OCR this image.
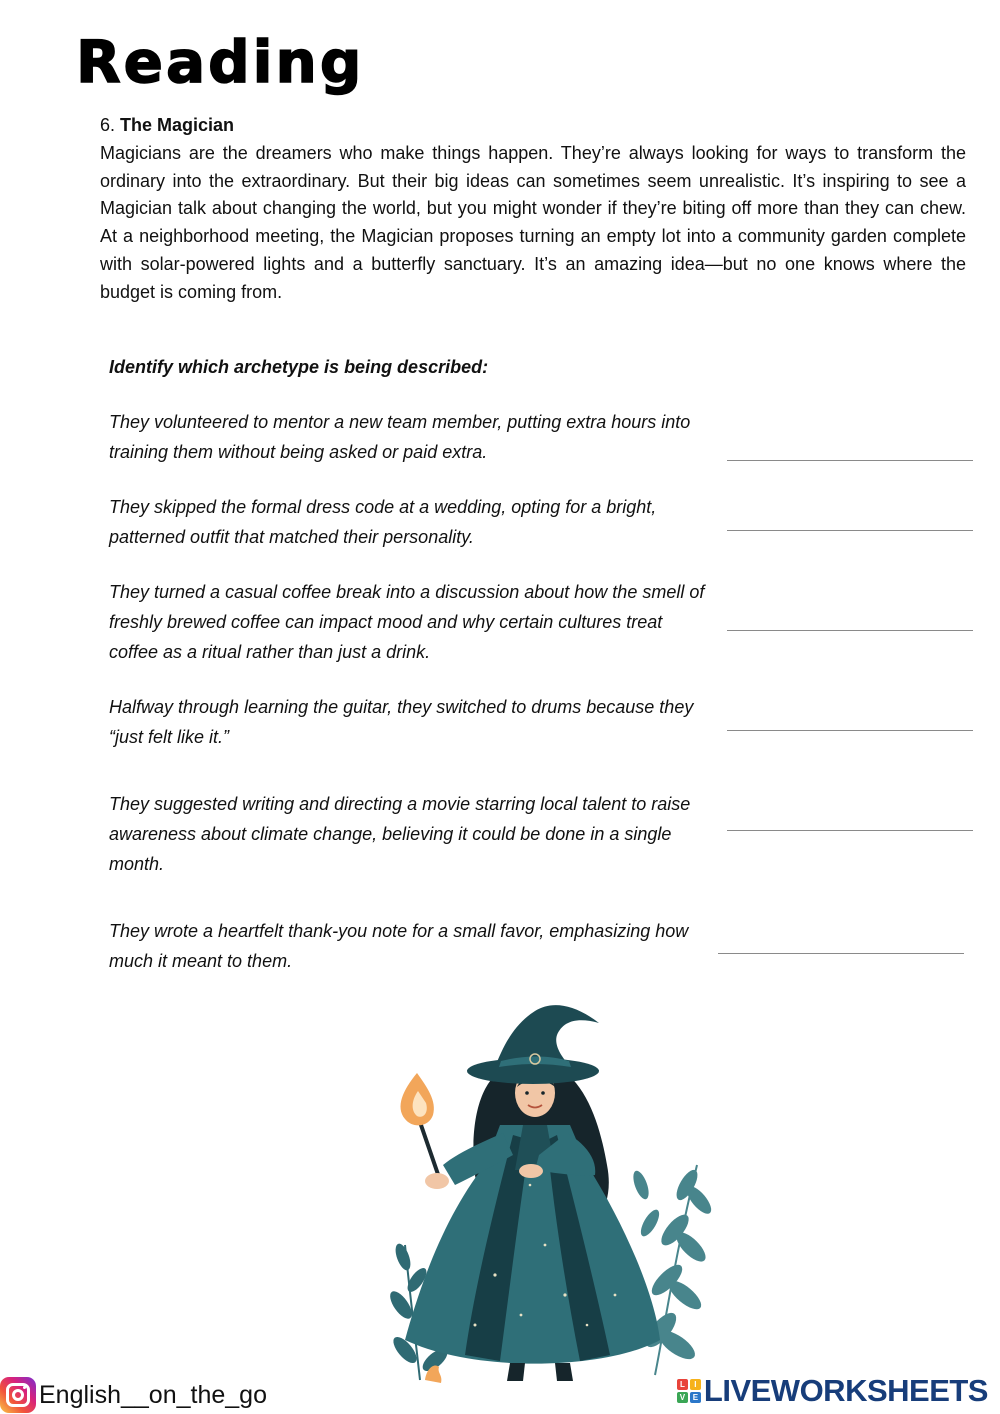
Reading

6. The Magician

Magicians are the dreamers who make things happen. They’re always looking for ways to transform the ordinary into the extraordinary. But their big ideas can sometimes seem unrealistic. It’s inspiring to see a Magician talk about changing the world, but you might wonder if they’re biting off more than they can chew. At a neighborhood meeting, the Magician proposes turning an empty lot into a community garden complete with solar-powered lights and a butterfly sanctuary. It’s an amazing idea—but no one knows where the budget is coming from.

Identify which archetype is being described:

They volunteered to mentor a new team member, putting extra hours into training them without being asked or paid extra.

They skipped the formal dress code at a wedding, opting for a bright, patterned outfit that matched their personality.

They turned a casual coffee break into a discussion about how the smell of freshly brewed coffee can impact mood and why certain cultures treat coffee as a ritual rather than just a drink.

Halfway through learning the guitar, they switched to drums because they “just felt like it.”

They suggested writing and directing a movie starring local talent to raise awareness about climate change, believing it could be done in a single month.

They wrote a heartfelt thank-you note for a small favor, emphasizing how much it meant to them.

English__on_the_go	L	I
V E LIVEWORKSHEETS
